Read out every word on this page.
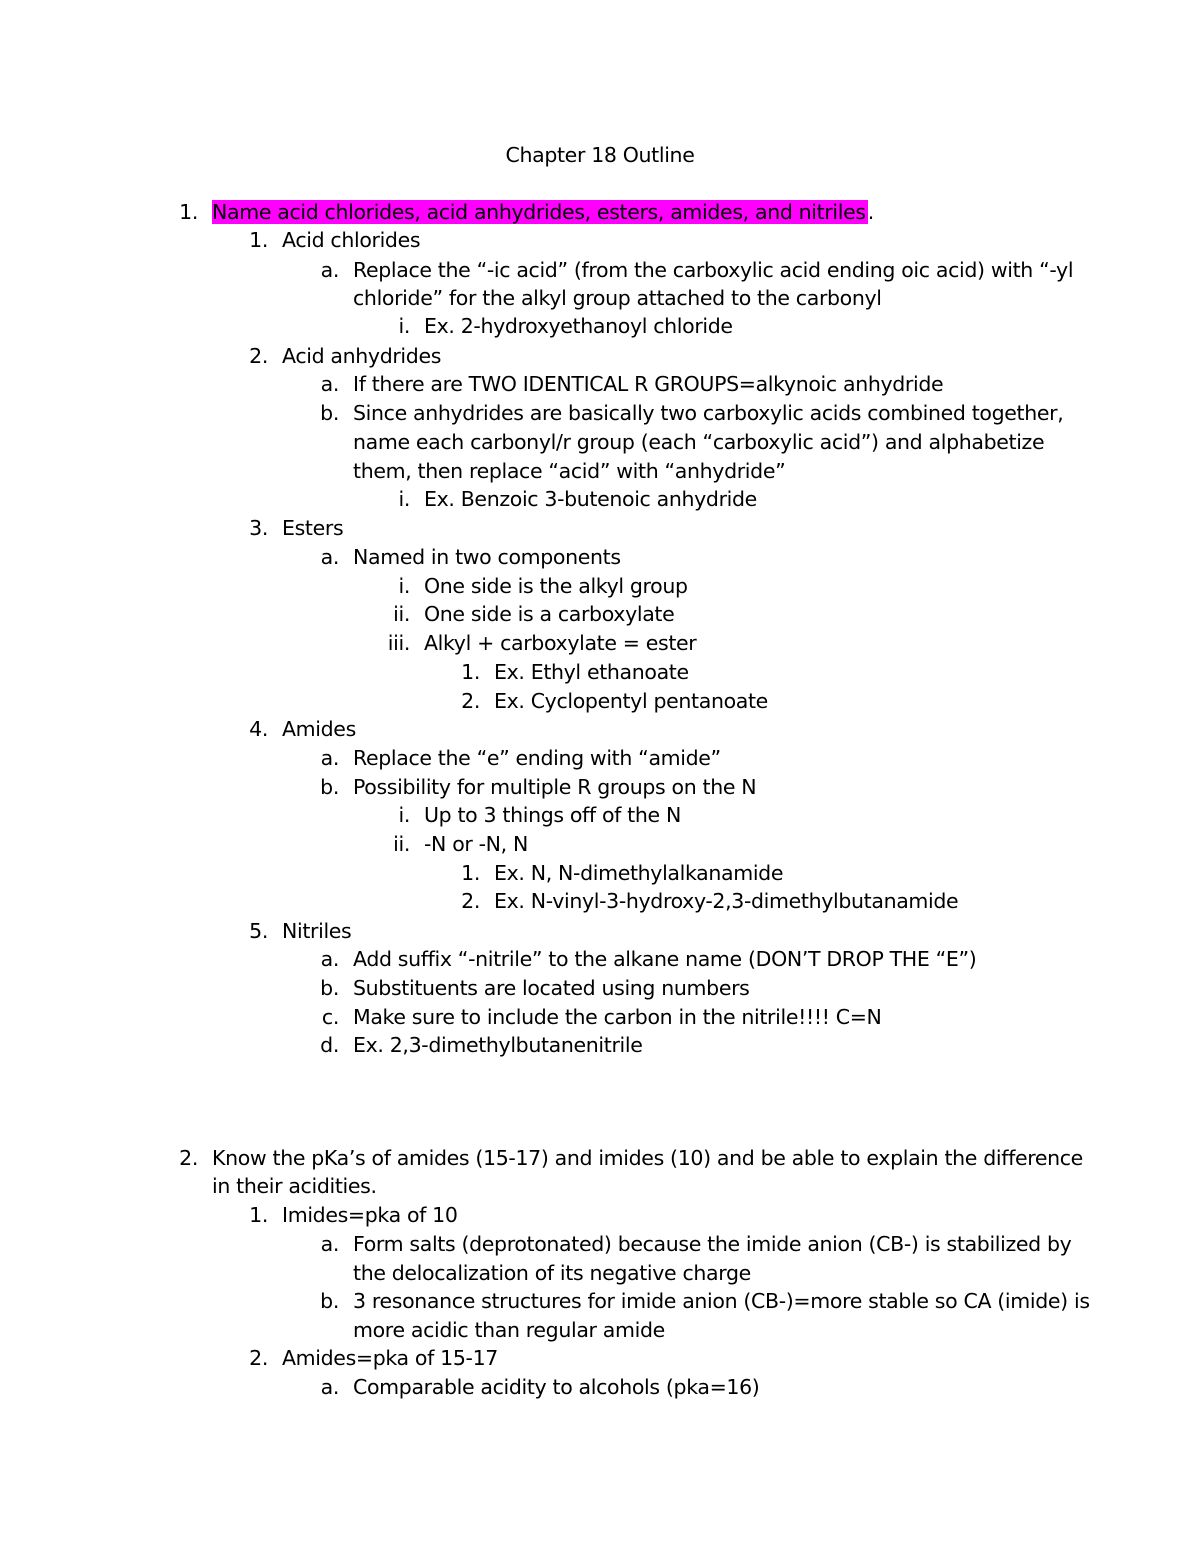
Chapter 18 Outline
1. Name acid chlorides, acid anhydrides, esters, amides, and nitriles.
1. Acid chlorides
a. Replace the “-ic acid” (from the carboxylic acid ending oic acid) with “-yl
chloride” for the alkyl group attached to the carbonyl
i. Ex. 2-hydroxyethanoyl chloride
2. Acid anhydrides
a. If there are TWO IDENTICAL R GROUPS=alkynoic anhydride
b. Since anhydrides are basically two carboxylic acids combined together,
name each carbonyl/r group (each “carboxylic acid”) and alphabetize
them, then replace “acid” with “anhydride”
i. Ex. Benzoic 3-butenoic anhydride
3. Esters
a. Named in two components
i. One side is the alkyl group
ii. One side is a carboxylate
iii. Alkyl + carboxylate = ester
1. Ex. Ethyl ethanoate
2. Ex. Cyclopentyl pentanoate
4. Amides
a. Replace the “e” ending with “amide”
b. Possibility for multiple R groups on the N
i. Up to 3 things off of the N
ii. -N or -N, N
1. Ex. N, N-dimethylalkanamide
2. Ex. N-vinyl-3-hydroxy-2,3-dimethylbutanamide
5. Nitriles
a. Add suffix “-nitrile” to the alkane name (DON’T DROP THE “E”)
b. Substituents are located using numbers
c. Make sure to include the carbon in the nitrile!!!! C=N
d. Ex. 2,3-dimethylbutanenitrile
2. Know the pKa’s of amides (15-17) and imides (10) and be able to explain the difference
in their acidities.
1. Imides=pka of 10
a. Form salts (deprotonated) because the imide anion (CB-) is stabilized by
the delocalization of its negative charge
b. 3 resonance structures for imide anion (CB-)=more stable so CA (imide) is
more acidic than regular amide
2. Amides=pka of 15-17
a. Comparable acidity to alcohols (pka=16)
